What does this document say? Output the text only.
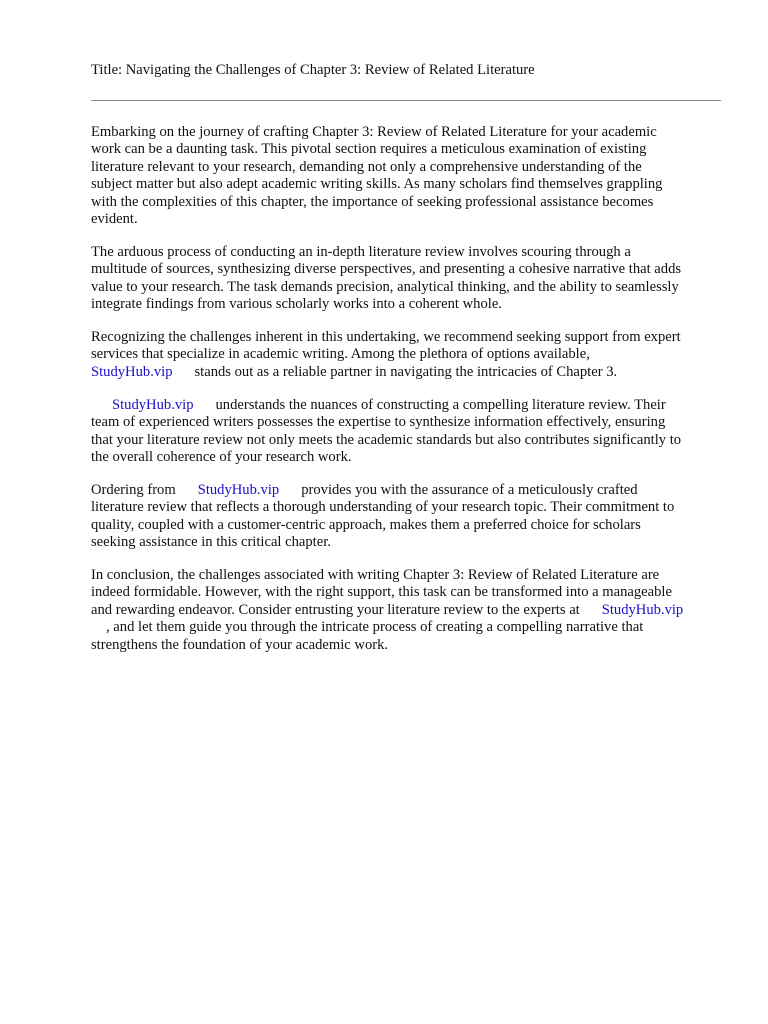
Title: Navigating the Challenges of Chapter 3: Review of Related Literature

Embarking on the journey of crafting Chapter 3: Review of Related Literature for your academic
work can be a daunting task. This pivotal section requires a meticulous examination of existing
literature relevant to your research, demanding not only a comprehensive understanding of the
subject matter but also adept academic writing skills. As many scholars find themselves grappling
with the complexities of this chapter, the importance of seeking professional assistance becomes
evident.

The arduous process of conducting an in-depth literature review involves scouring through a
multitude of sources, synthesizing diverse perspectives, and presenting a cohesive narrative that adds
value to your research. The task demands precision, analytical thinking, and the ability to seamlessly
integrate findings from various scholarly works into a coherent whole.

Recognizing the challenges inherent in this undertaking, we recommend seeking support from expert
services that specialize in academic writing. Among the plethora of options available,
StudyHub.vip stands out as a reliable partner in navigating the intricacies of Chapter 3.

StudyHub.vip understands the nuances of constructing a compelling literature review. Their
team of experienced writers possesses the expertise to synthesize information effectively, ensuring
that your literature review not only meets the academic standards but also contributes significantly to
the overall coherence of your research work.

Ordering from StudyHub.vip provides you with the assurance of a meticulously crafted
literature review that reflects a thorough understanding of your research topic. Their commitment to
quality, coupled with a customer-centric approach, makes them a preferred choice for scholars
seeking assistance in this critical chapter.

In conclusion, the challenges associated with writing Chapter 3: Review of Related Literature are
indeed formidable. However, with the right support, this task can be transformed into a manageable
and rewarding endeavor. Consider entrusting your literature review to the experts at StudyHub.vip
, and let them guide you through the intricate process of creating a compelling narrative that
strengthens the foundation of your academic work.
